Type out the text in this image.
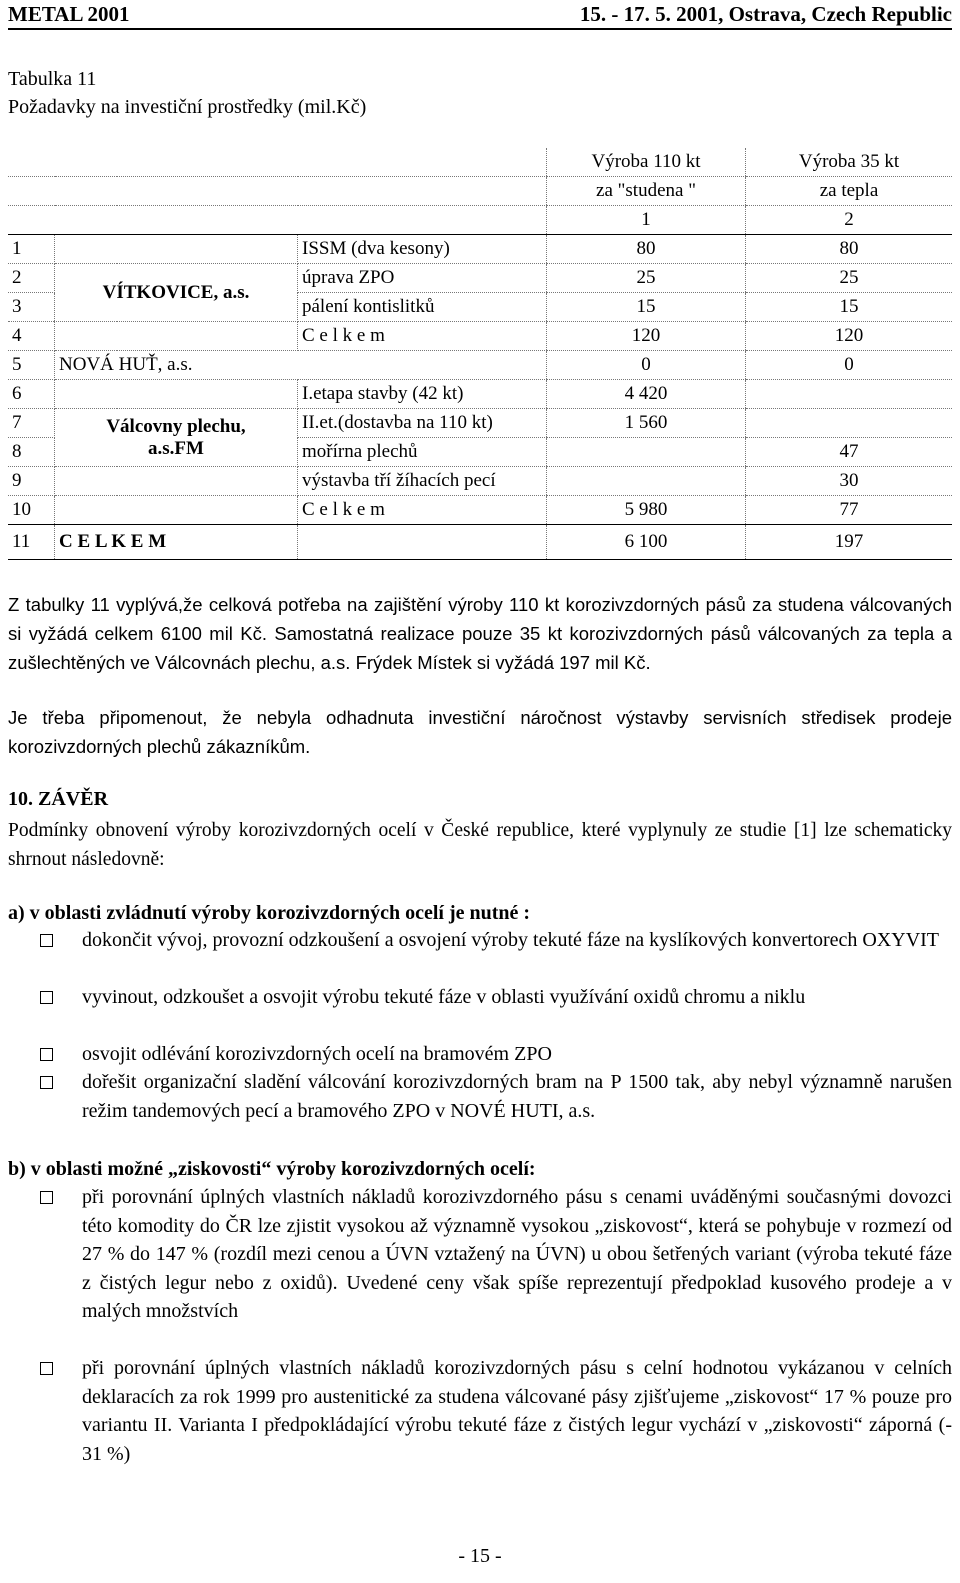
METAL 2001	15. - 17. 5. 2001, Ostrava, Czech Republic
Tabulka 11
Požadavky na investiční prostředky (mil.Kč)
				Výroba 110 kt	Výroba 35 kt
				za "studena "	za tepla
				1	2
1			ISSM (dva kesony)	80	80
2	VÍTKOVICE, a.s.		úprava ZPO	25	25
3			pálení kontislitků	15	15
4			C e l k e m	120	120
5	NOVÁ HUŤ, a.s.			0	0
6			I.etapa stavby (42 kt)	4 420	
7	Válcovny plechu,		II.et.(dostavba na 110 kt)	1 560	
8	a.s.FM		mořírna plechů		47
9			výstavba tří žíhacích pecí		30
10			C e l k e m	5 980	77
11	C E L K E M			6 100	197
Z tabulky 11 vyplývá,že celková potřeba na zajištění výroby 110 kt korozivzdorných pásů za studena válcovaných si vyžádá celkem 6100 mil Kč. Samostatná realizace pouze 35 kt korozivzdorných pásů válcovaných za tepla a zušlechtěných ve Válcovnách plechu, a.s. Frýdek Místek si vyžádá 197 mil Kč.
Je třeba připomenout, že nebyla odhadnuta investiční náročnost výstavby servisních středisek prodeje korozivzdorných plechů zákazníkům.
10. ZÁVĚR
Podmínky obnovení výroby korozivzdorných ocelí v České republice, které vyplynuly ze studie [1] lze schematicky shrnout následovně:
a) v oblasti zvládnutí výroby korozivzdorných ocelí je nutné :
dokončit vývoj, provozní odzkoušení a osvojení výroby tekuté fáze na kyslíkových konvertorech OXYVIT
vyvinout, odzkoušet a osvojit výrobu tekuté fáze v oblasti využívání oxidů chromu a niklu
osvojit odlévání korozivzdorných ocelí na bramovém ZPO
dořešit organizační sladění válcování korozivzdorných bram na P 1500 tak, aby nebyl významně narušen režim tandemových pecí a bramového ZPO v NOVÉ HUTI, a.s.
b) v oblasti možné „ziskovosti“ výroby korozivzdorných ocelí:
při porovnání úplných vlastních nákladů korozivzdorného pásu s cenami uváděnými současnými dovozci této komodity do ČR lze zjistit vysokou až významně vysokou „ziskovost“, která se pohybuje v rozmezí od 27 % do 147 % (rozdíl mezi cenou a ÚVN vztažený na ÚVN) u obou šetřených variant (výroba tekuté fáze z čistých legur nebo z oxidů). Uvedené ceny však spíše reprezentují předpoklad kusového prodeje a v malých množstvích
při porovnání úplných vlastních nákladů korozivzdorných pásu s celní hodnotou vykázanou v celních deklaracích za rok 1999 pro austenitické za studena válcované pásy zjišťujeme „ziskovost“ 17 % pouze pro variantu II. Varianta I předpokládající výrobu tekuté fáze z čistých legur vychází v „ziskovosti“ záporná (- 31 %)
- 15 -
